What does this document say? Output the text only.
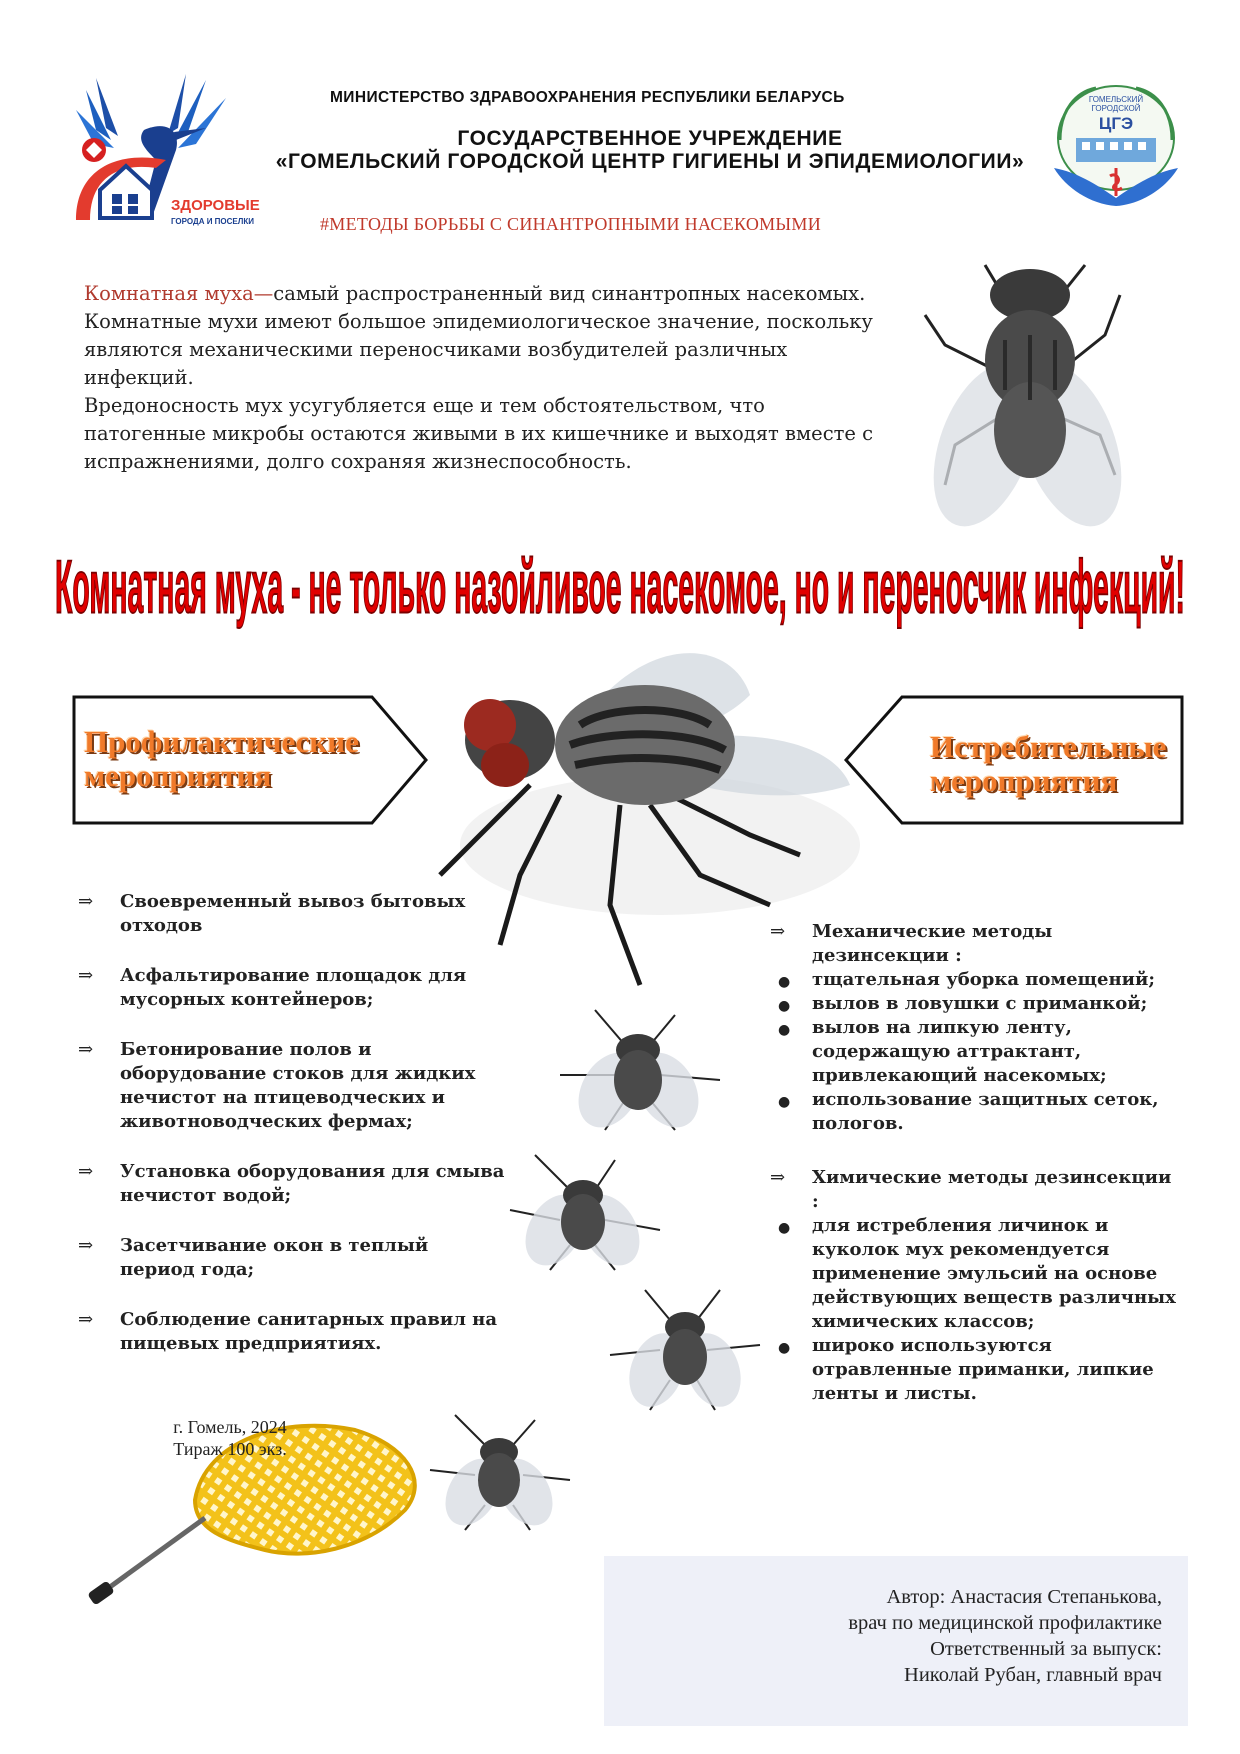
ЗДОРОВЫЕ
ГОРОДА И ПОСЕЛКИ
ГОМЕЛЬСКИЙ
ГОРОДСКОЙ
ЦГЭ
МИНИСТЕРСТВО ЗДРАВООХРАНЕНИЯ РЕСПУБЛИКИ БЕЛАРУСЬ
ГОСУДАРСТВЕННОЕ УЧРЕЖДЕНИЕ
«ГОМЕЛЬСКИЙ ГОРОДСКОЙ ЦЕНТР ГИГИЕНЫ И ЭПИДЕМИОЛОГИИ»
#МЕТОДЫ БОРЬБЫ С СИНАНТРОПНЫМИ НАСЕКОМЫМИ
Комнатная муха—самый распространенный вид синантропных насекомых. Комнатные мухи имеют большое эпидемиологическое значение, поскольку являются механическими переносчиками возбудителей различных инфекций.
Вредоносность мух усугубляется еще и тем обстоятельством, что патогенные микробы остаются живыми в их кишечнике и выходят вместе с испражнениями, долго сохраняя жизнеспособность.
Комнатная муха - не только назойливое насекомое, но и переносчик инфекций!
Профилактические
мероприятия
Истребительные
мероприятия
⇒ Своевременный вывоз бытовых отходов
⇒ Асфальтирование площадок для мусорных контейнеров;
⇒ Бетонирование полов и оборудование стоков для жидких нечистот на птицеводческих и животноводческих фермах;
⇒ Установка оборудования для смыва нечистот водой;
⇒ Засетчивание окон в теплый период года;
⇒ Соблюдение санитарных правил на пищевых предприятиях.
⇒ Механические методы дезинсекции :
● тщательная уборка помещений;
● вылов в ловушки с приманкой;
● вылов на липкую ленту, содержащую аттрактант, привлекающий насекомых;
● использование защитных сеток, пологов.
⇒ Химические методы дезинсекции :
● для истребления личинок и куколок мух рекомендуется применение эмульсий на основе действующих веществ различных химических классов;
● широко используются отравленные приманки, липкие ленты и листы.
г. Гомель, 2024
Тираж 100 экз.
Автор: Анастасия Степанькова,
врач по медицинской профилактике
Ответственный за выпуск:
Николай Рубан, главный врач
